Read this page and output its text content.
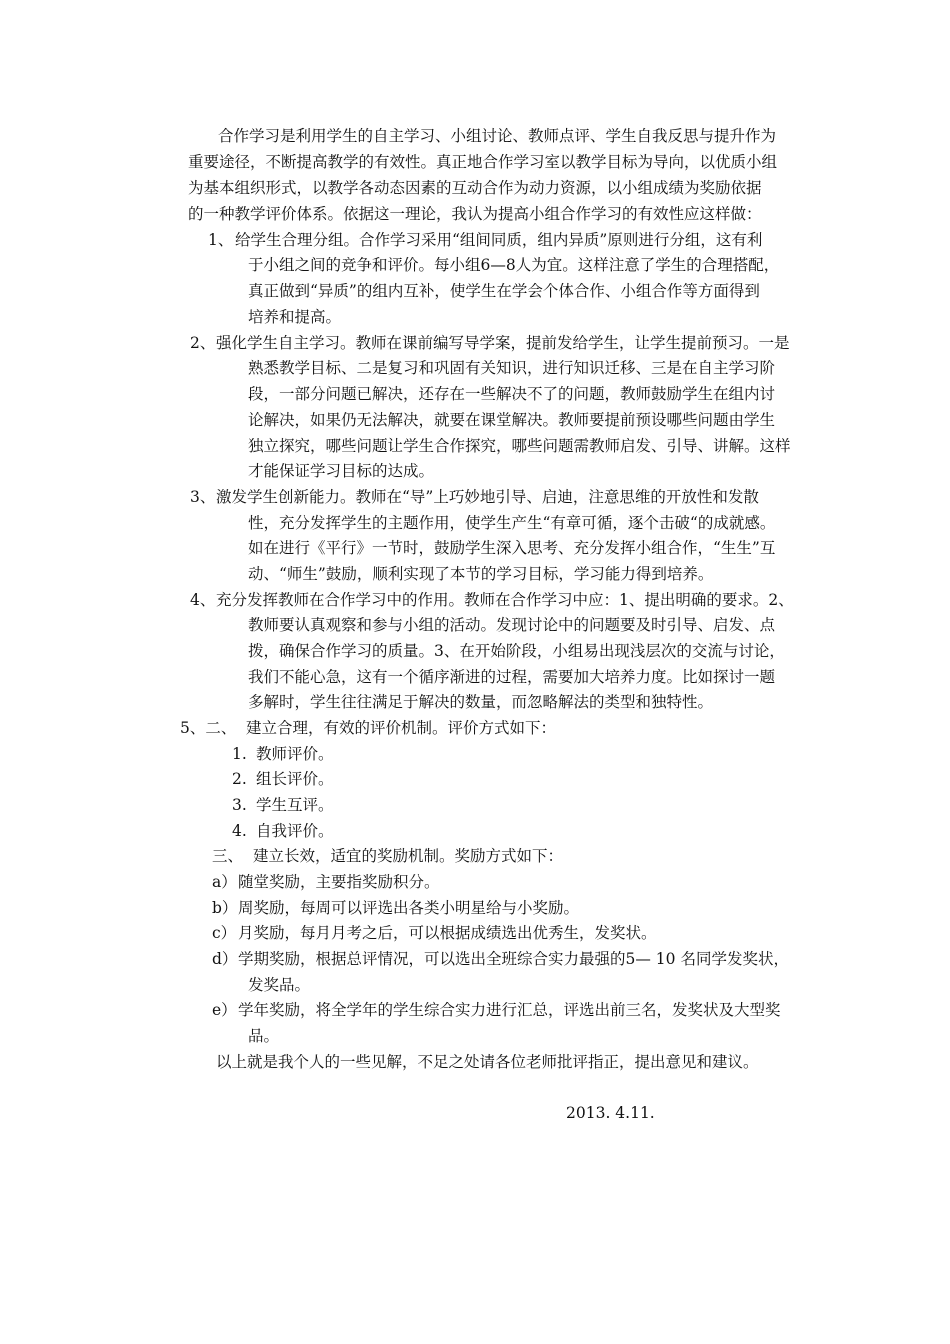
合作学习是利用学生的自主学习、小组讨论、教师点评、学生自我反思与提升作为
重要途径，不断提高教学的有效性。真正地合作学习室以教学目标为导向，以优质小组
为基本组织形式，以教学各动态因素的互动合作为动力资源，以小组成绩为奖励依据
的一种教学评价体系。依据这一理论，我认为提高小组合作学习的有效性应这样做：
1、 给学生合理分组。合作学习采用“组间同质，组内异质”原则进行分组，这有利
于小组之间的竞争和评价。每小组6—8人为宜。这样注意了学生的合理搭配，
真正做到“异质”的组内互补，使学生在学会个体合作、小组合作等方面得到
培养和提高。
2、 强化学生自主学习。教师在课前编写导学案，提前发给学生，让学生提前预习。一是
熟悉教学目标、二是复习和巩固有关知识，进行知识迁移、三是在自主学习阶
段，一部分问题已解决，还存在一些解决不了的问题，教师鼓励学生在组内讨
论解决，如果仍无法解决，就要在课堂解决。教师要提前预设哪些问题由学生
独立探究，哪些问题让学生合作探究，哪些问题需教师启发、引导、讲解。这样
才能保证学习目标的达成。
3、 激发学生创新能力。教师在“导”上巧妙地引导、启迪，注意思维的开放性和发散
性，充分发挥学生的主题作用，使学生产生“有章可循，逐个击破“的成就感。
如在进行《平行》一节时，鼓励学生深入思考、充分发挥小组合作，“生生”互
动、“师生”鼓励，顺利实现了本节的学习目标，学习能力得到培养。
4、 充分发挥教师在合作学习中的作用。教师在合作学习中应：1、提出明确的要求。2、
教师要认真观察和参与小组的活动。发现讨论中的问题要及时引导、启发、点
拨，确保合作学习的质量。3、在开始阶段，小组易出现浅层次的交流与讨论，
我们不能心急，这有一个循序渐进的过程，需要加大培养力度。比如探讨一题
多解时，学生往往满足于解决的数量，而忽略解法的类型和独特性。
5、二、 建立合理，有效的评价机制。评价方式如下：
1. 教师评价。
2. 组长评价。
3. 学生互评。
4. 自我评价。
三、 建立长效，适宜的奖励机制。奖励方式如下：
a） 随堂奖励，主要指奖励积分。
b） 周奖励，每周可以评选出各类小明星给与小奖励。
c） 月奖励，每月月考之后，可以根据成绩选出优秀生，发奖状。
d） 学期奖励，根据总评情况，可以选出全班综合实力最强的5— 10 名同学发奖状，
发奖品。
e） 学年奖励，将全学年的学生综合实力进行汇总，评选出前三名，发奖状及大型奖
品。
以上就是我个人的一些见解，不足之处请各位老师批评指正，提出意见和建议。
2013. 4.11.
